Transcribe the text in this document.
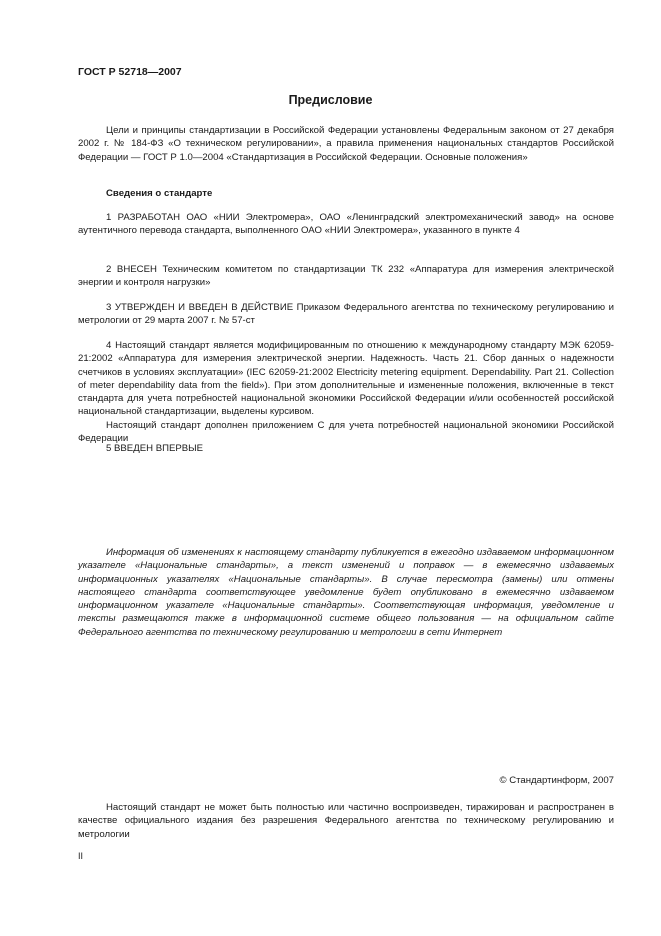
ГОСТ Р 52718—2007
Предисловие

Цели и принципы стандартизации в Российской Федерации установлены Федеральным законом от 27 декабря 2002 г. № 184-ФЗ «О техническом регулировании», а правила применения национальных стандартов Российской Федерации — ГОСТ Р 1.0—2004 «Стандартизация в Российской Федерации. Основные положения»

Сведения о стандарте

1 РАЗРАБОТАН ОАО «НИИ Электромера», ОАО «Ленинградский электромеханический завод» на основе аутентичного перевода стандарта, выполненного ОАО «НИИ Электромера», указанного в пункте 4

2 ВНЕСЕН Техническим комитетом по стандартизации ТК 232 «Аппаратура для измерения электрической энергии и контроля нагрузки»

3 УТВЕРЖДЕН И ВВЕДЕН В ДЕЙСТВИЕ Приказом Федерального агентства по техническому регулированию и метрологии от 29 марта 2007 г. № 57-ст

4 Настоящий стандарт является модифицированным по отношению к международному стандарту МЭК 62059-21:2002 «Аппаратура для измерения электрической энергии. Надежность. Часть 21. Сбор данных о надежности счетчиков в условиях эксплуатации» (IEC 62059-21:2002 Electricity metering equipment. Dependability. Part 21. Collection of meter dependability data from the field»). При этом дополнительные и измененные положения, включенные в текст стандарта для учета потребностей национальной экономики Российской Федерации и/или особенностей российской национальной стандартизации, выделены курсивом.

Настоящий стандарт дополнен приложением С для учета потребностей национальной экономики Российской Федерации

5 ВВЕДЕН ВПЕРВЫЕ

Информация об изменениях к настоящему стандарту публикуется в ежегодно издаваемом информационном указателе «Национальные стандарты», а текст изменений и поправок — в ежемесячно издаваемых информационных указателях «Национальные стандарты». В случае пересмотра (замены) или отмены настоящего стандарта соответствующее уведомление будет опубликовано в ежемесячно издаваемом информационном указателе «Национальные стандарты». Соответствующая информация, уведомление и тексты размещаются также в информационной системе общего пользования — на официальном сайте Федерального агентства по техническому регулированию и метрологии в сети Интернет

© Стандартинформ, 2007

Настоящий стандарт не может быть полностью или частично воспроизведен, тиражирован и распространен в качестве официального издания без разрешения Федерального агентства по техническому регулированию и метрологии

II
